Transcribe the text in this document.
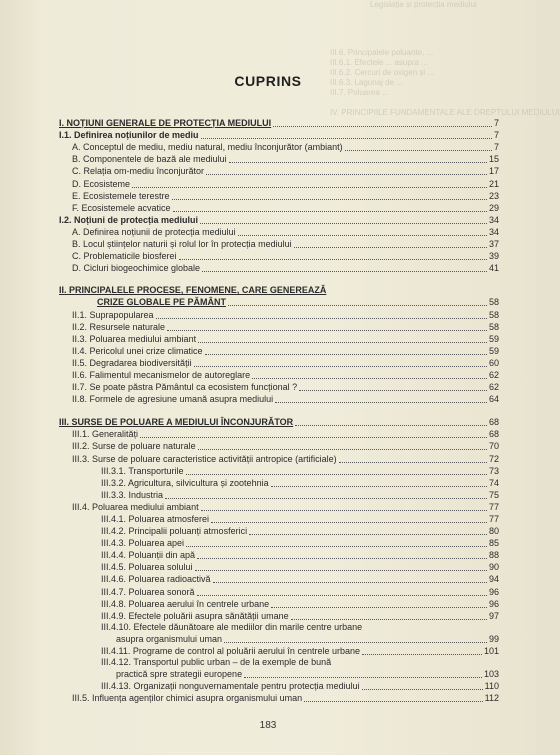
Legislația și protecția mediului
III.6. Principalele poluante, ...
III.6.1. Efectele ... asupra ...
III.6.2. Cercuri de oxigen și ...
III.6.3. Lagunaj de ...
III.7. Poluarea ...
IV. PRINCIPIILE FUNDAMENTALE ALE DREPTULUI MEDIULUI
CUPRINS
I. NOȚIUNI GENERALE DE PROTECȚIA MEDIULUI	7
I.1. Definirea noțiunilor de mediu	7
A. Conceptul de mediu, mediu natural, mediu înconjurător (ambiant)	7
B. Componentele de bază ale mediului	15
C. Relația om-mediu înconjurător	17
D. Ecosisteme	21
E. Ecosistemele terestre	23
F. Ecosistemele acvatice	29
I.2. Noțiuni de protecția mediului	34
A. Definirea noțiunii de protecția mediului	34
B. Locul științelor naturii și rolul lor în protecția mediului	37
C. Problematicile biosferei	39
D. Cicluri biogeochimice globale	41
II. PRINCIPALELE PROCESE, FENOMENE, CARE GENEREAZĂ
CRIZE GLOBALE PE PĂMÂNT	58
II.1. Suprapopularea	58
II.2. Resursele naturale	58
II.3. Poluarea mediului ambiant	59
II.4. Pericolul unei crize climatice	59
II.5. Degradarea biodiversității	60
II.6. Falimentul mecanismelor de autoreglare	62
II.7. Se poate păstra Pământul ca ecosistem funcțional ?	62
II.8. Formele de agresiune umană asupra mediului	64
III. SURSE DE POLUARE A MEDIULUI ÎNCONJURĂTOR	68
III.1. Generalități	68
III.2. Surse de poluare naturale	70
III.3. Surse de poluare caracteristice activității antropice (artificiale)	72
III.3.1. Transporturile	73
III.3.2. Agricultura, silvicultura și zootehnia	74
III.3.3. Industria	75
III.4. Poluarea mediului ambiant	77
III.4.1. Poluarea atmosferei	77
III.4.2. Principalii poluanți atmosferici	80
III.4.3. Poluarea apei	85
III.4.4. Poluanții din apă	88
III.4.5. Poluarea solului	90
III.4.6. Poluarea radioactivă	94
III.4.7. Poluarea sonoră	96
III.4.8. Poluarea aerului în centrele urbane	96
III.4.9. Efectele poluării asupra sănătății umane	97
III.4.10. Efectele dăunătoare ale mediilor din marile centre urbane
asupra organismului uman	99
III.4.11. Programe de control al poluării aerului în centrele urbane	101
III.4.12. Transportul public urban – de la exemple de bună
practică spre strategii europene	103
III.4.13. Organizații nonguvernamentale pentru protecția mediului	110
III.5. Influența agenților chimici asupra organismului uman	112
183
